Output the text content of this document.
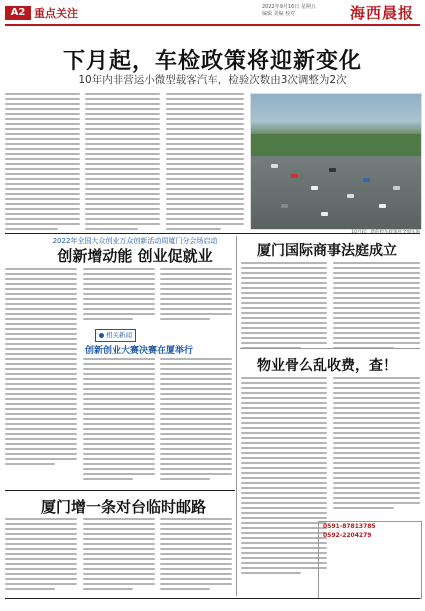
A2 重点关注	2022年9月16日 星期五
编辑 美编 校对	海西晨报
下月起，车检政策将迎新变化
10年内非营运小微型载客汽车，检验次数由3次调整为2次
2022年全国大众创业万众创新活动周厦门分会场启动
创新增动能 创业促就业
相关新闻
创新创业大赛决赛在厦举行
厦门国际商事法庭成立
物业骨么乱收费，查！
厦门增一条对台临时邮路
0591-87813785
0592-2204279
